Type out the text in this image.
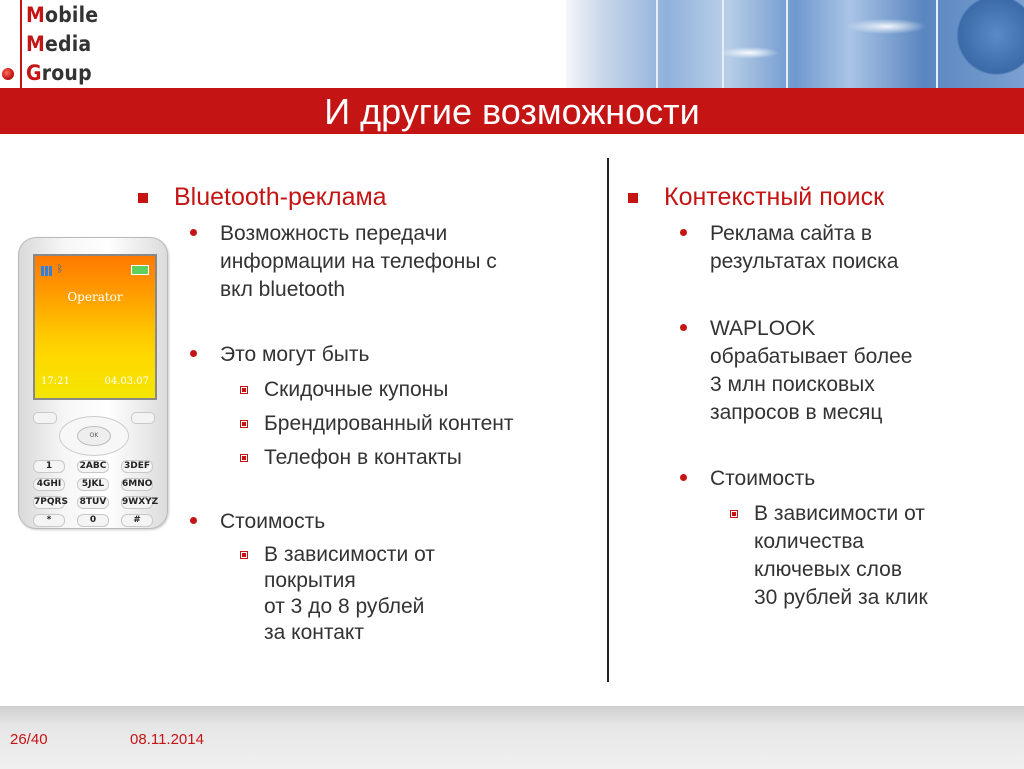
Mobile
Media
Group
И другие возможности
Bluetooth-реклама
Возможность передачи
информации на телефоны с
вкл bluetooth
Это могут быть
Скидочные купоны
Брендированный контент
Телефон в контакты
Стоимость
В зависимости от
покрытия
от 3 до 8 рублей
за контакт
Контекстный поиск
Реклама сайта в
результатах поиска
WAPLOOK
обрабатывает более
3 млн поисковых
запросов в месяц
Стоимость
В зависимости от
количества
ключевых слов
30 рублей за клик
ᛒ
Operator
17:21	04.03.07
OK
1	2ABC	3DEF
4GHI	5JKL	6MNO
7PQRS 8TUV 9WXYZ
*	0	#
26/40	08.11.2014
